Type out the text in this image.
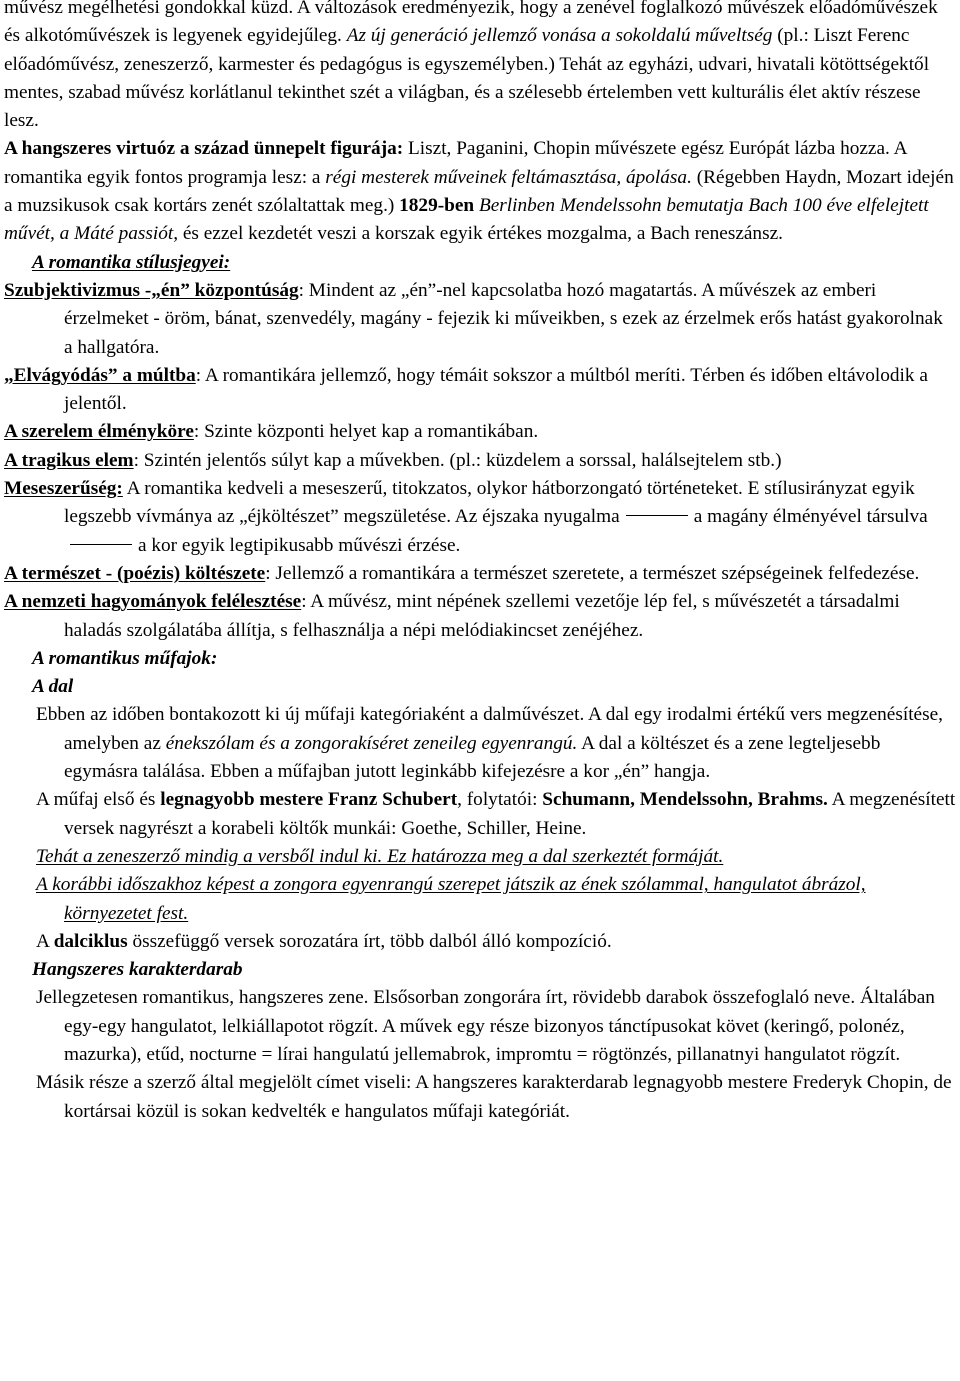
művész megélhetési gondokkal küzd. A változások eredményezik, hogy a zenével foglalkozó művészek előadóművészek és alkotóművészek is legyenek egyidejűleg. Az új generáció jellemző vonása a sokoldalú műveltség (pl.: Liszt Ferenc előadóművész, zeneszerző, karmester és pedagógus is egyszemélyben.) Tehát az egyházi, udvari, hivatali kötöttségektől mentes, szabad művész korlátlanul tekinthet szét a világban, és a szélesebb értelemben vett kulturális élet aktív részese lesz.

A hangszeres virtuóz a század ünnepelt figurája: Liszt, Paganini, Chopin művészete egész Európát lázba hozza. A romantika egyik fontos programja lesz: a régi mesterek műveinek feltámasztása, ápolása. (Régebben Haydn, Mozart idején a muzsikusok csak kortárs zenét szólaltattak meg.) 1829-ben Berlinben Mendelssohn bemutatja Bach 100 éve elfelejtett művét, a Máté passiót, és ezzel kezdetét veszi a korszak egyik értékes mozgalma, a Bach reneszánsz.

A romantika stílusjegyei:

Szubjektivizmus -„én” központúság: Mindent az „én”-nel kapcsolatba hozó magatartás. A művészek az emberi érzelmeket - öröm, bánat, szenvedély, magány - fejezik ki műveikben, s ezek az érzelmek erős hatást gyakorolnak a hallgatóra.

„Elvágyódás” a múltba: A romantikára jellemző, hogy témáit sokszor a múltból meríti. Térben és időben eltávolodik a jelentől.

A szerelem élményköre: Szinte központi helyet kap a romantikában.

A tragikus elem: Szintén jelentős súlyt kap a művekben. (pl.: küzdelem a sorssal, halálsejtelem stb.)

Meseszerűség: A romantika kedveli a meseszerű, titokzatos, olykor hátborzongató történeteket. E stílusirányzat egyik legszebb vívmánya az „éjköltészet” megszületése. Az éjszaka nyugalma	a magány élményével társulvaa kor egyik legtipikusabb művészi érzése.

A természet - (poézis) költészete: Jellemző a romantikára a természet szeretete, a természet szépségeinek felfedezése.

A nemzeti hagyományok felélesztése: A művész, mint népének szellemi vezetője lép fel, s művészetét a társadalmi haladás szolgálatába állítja, s felhasználja a népi melódiakincset zenéjéhez.

A romantikus műfajok:

A dal

Ebben az időben bontakozott ki új műfaji kategóriaként a dalművészet. A dal egy irodalmi értékű vers megzenésítése, amelyben az énekszólam és a zongorakíséret zeneileg egyenrangú. A dal a költészet és a zene legteljesebb egymásra találása. Ebben a műfajban jutott leginkább kifejezésre a kor „én” hangja.

A műfaj első és legnagyobb mestere Franz Schubert, folytatói: Schumann, Mendelssohn, Brahms. A megzenésített versek nagyrészt a korabeli költők munkái: Goethe, Schiller, Heine.

Tehát a zeneszerző mindig a versből indul ki. Ez határozza meg a dal szerkeztét formáját.

A korábbi időszakhoz képest a zongora egyenrangú szerepet játszik az ének szólammal, hangulatot ábrázol, környezetet fest.

A dalciklus összefüggő versek sorozatára írt, több dalból álló kompozíció.

Hangszeres karakterdarab

Jellegzetesen romantikus, hangszeres zene. Elsősorban zongorára írt, rövidebb darabok összefoglaló neve. Általában egy-egy hangulatot, lelkiállapotot rögzít. A művek egy része bizonyos tánctípusokat követ (keringő, polonéz, mazurka), etűd, nocturne = lírai hangulatú jellemabrok, impromtu = rögtönzés, pillanatnyi hangulatot rögzít.

Másik része a szerző által megjelölt címet viseli: A hangszeres karakterdarab legnagyobb mestere Frederyk Chopin, de kortársai közül is sokan kedvelték e hangulatos műfaji kategóriát.
